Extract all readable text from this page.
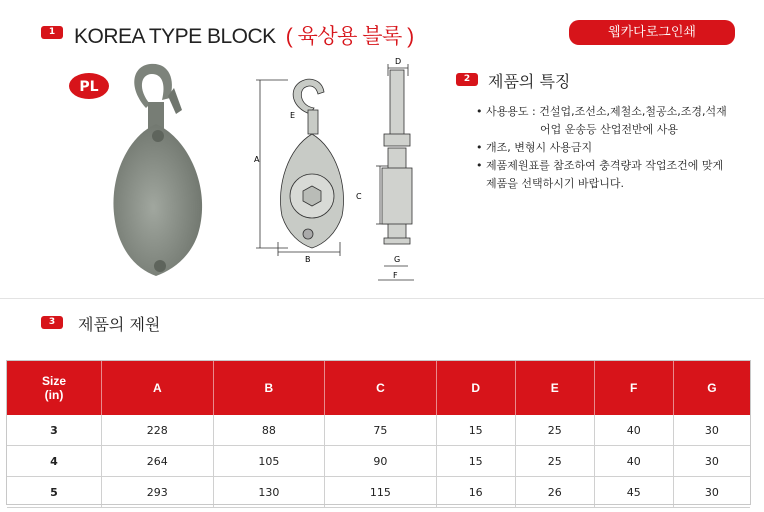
1 KOREA TYPE BLOCK ( 육상용 블록 )	웹카다로그인쇄
PL
A
B
C
D
E
F
G
2	제품의 특징
• 사용용도 : 건설업,조선소,제철소,철공소,조경,석재
어업 운송등 산업전반에 사용
• 개조, 변형시 사용금지
• 제품제원표를 참조하여 충격량과 작업조건에 맞게
제품을 선택하시기 바랍니다.
3	제품의 제원
Size
(in)	A	B	C	D	E	F	G
3	228	88	75	15	25	40	30
4	264	105	90	15	25	40	30
5	293	130	115	16	26	45	30
